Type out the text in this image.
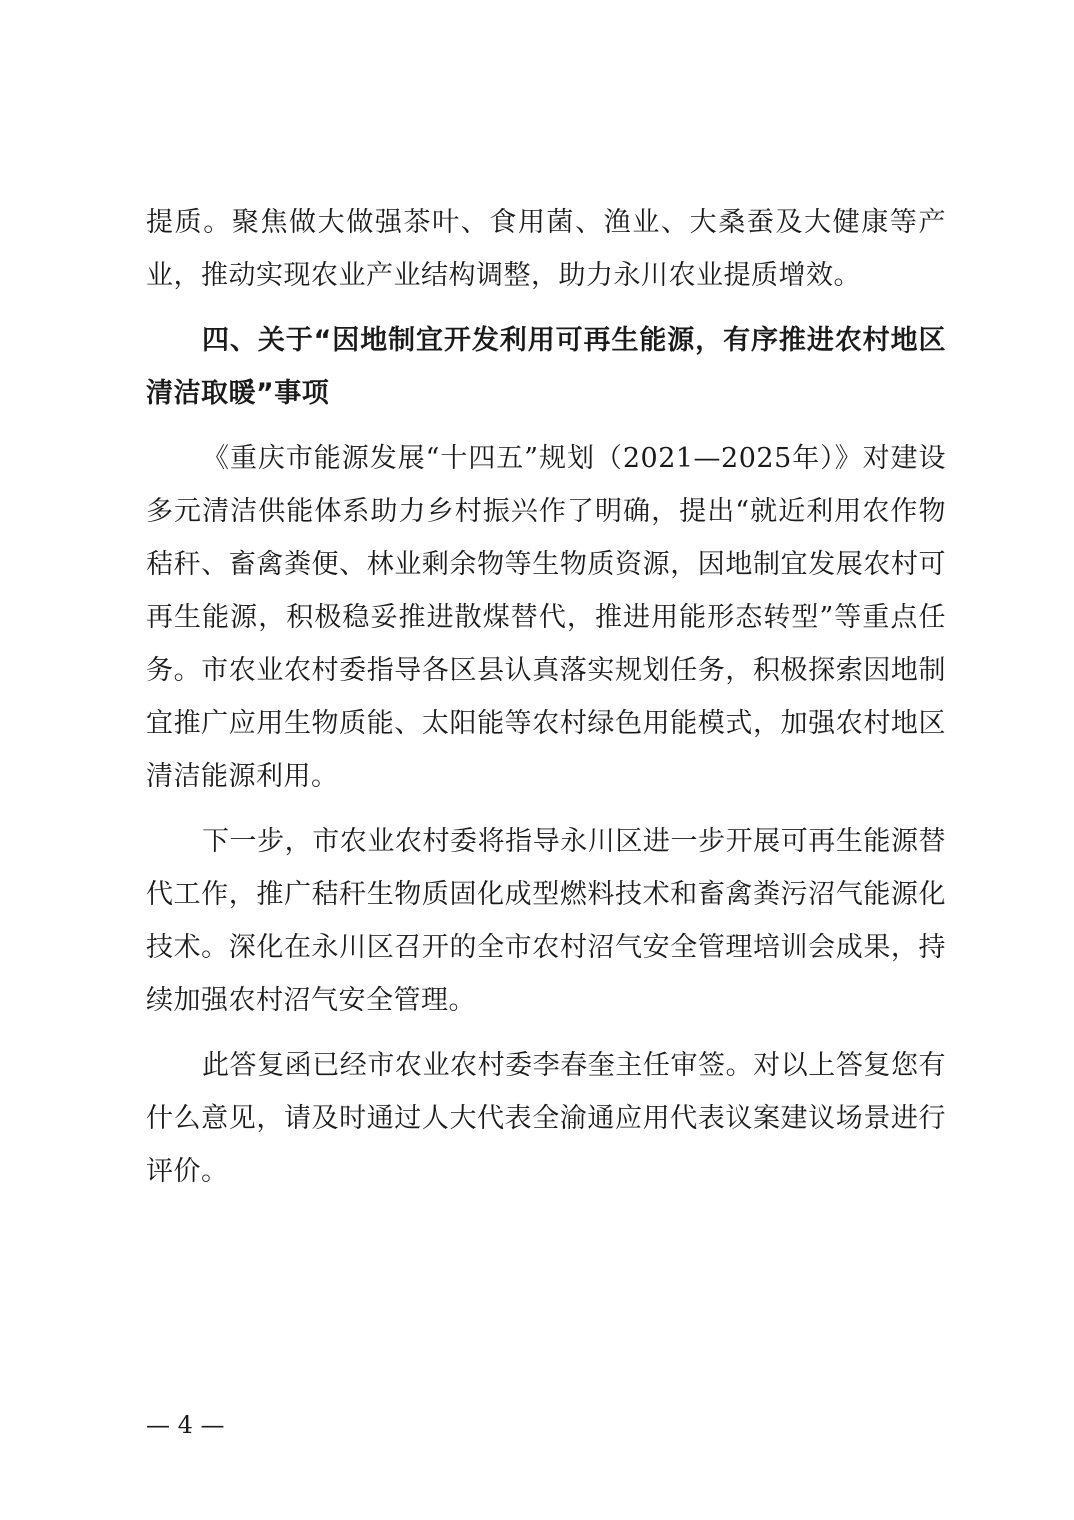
提质。聚焦做大做强茶叶、食用菌、渔业、大桑蚕及大健康等产业，推动实现农业产业结构调整，助力永川农业提质增效。

四、关于“因地制宜开发利用可再生能源，有序推进农村地区清洁取暖”事项

《重庆市能源发展“十四五”规划（2021—2025年）》对建设多元清洁供能体系助力乡村振兴作了明确，提出“就近利用农作物秸秆、畜禽粪便、林业剩余物等生物质资源，因地制宜发展农村可再生能源，积极稳妥推进散煤替代，推进用能形态转型”等重点任务。市农业农村委指导各区县认真落实规划任务，积极探索因地制宜推广应用生物质能、太阳能等农村绿色用能模式，加强农村地区清洁能源利用。

下一步，市农业农村委将指导永川区进一步开展可再生能源替代工作，推广秸秆生物质固化成型燃料技术和畜禽粪污沼气能源化技术。深化在永川区召开的全市农村沼气安全管理培训会成果，持续加强农村沼气安全管理。

此答复函已经市农业农村委李春奎主任审签。对以上答复您有什么意见，请及时通过人大代表全渝通应用代表议案建议场景进行评价。

— 4 —
